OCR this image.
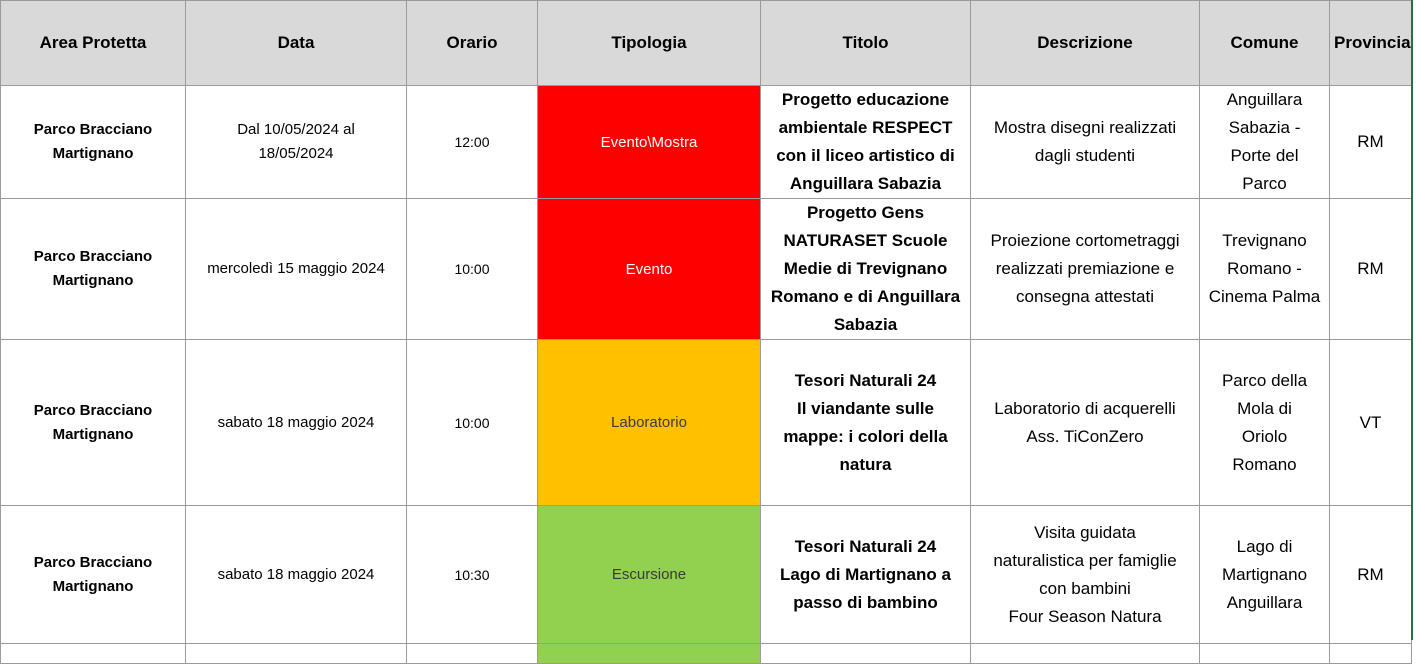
Area Protetta	Data	Orario	Tipologia	Titolo	Descrizione	Comune	Provincia

Parco Bracciano
Martignano	Dal 10/05/2024 al
18/05/2024	12:00	Evento\Mostra	Progetto educazione
ambientale RESPECT
con il liceo artistico di
Anguillara Sabazia	Mostra disegni realizzati
dagli studenti	Anguillara
Sabazia -
Porte del
Parco	RM

Parco Bracciano
Martignano	mercoledì 15 maggio 2024	10:00	Evento	Progetto Gens
NATURASET Scuole
Medie di Trevignano
Romano e di Anguillara
Sabazia	Proiezione cortometraggi
realizzati premiazione e
consegna attestati	Trevignano
Romano -
Cinema Palma	RM

Parco Bracciano
Martignano	sabato 18 maggio 2024	10:00	Laboratorio	Tesori Naturali 24
Il viandante sulle
mappe: i colori della
natura	Laboratorio di acquerelli
Ass. TiConZero	Parco della
Mola di
Oriolo
Romano	VT

Parco Bracciano
Martignano	sabato 18 maggio 2024	10:30	Escursione	Tesori Naturali 24
Lago di Martignano a
passo di bambino	Visita guidata
naturalistica per famiglie
con bambini
Four Season Natura	Lago di
Martignano
Anguillara	RM
